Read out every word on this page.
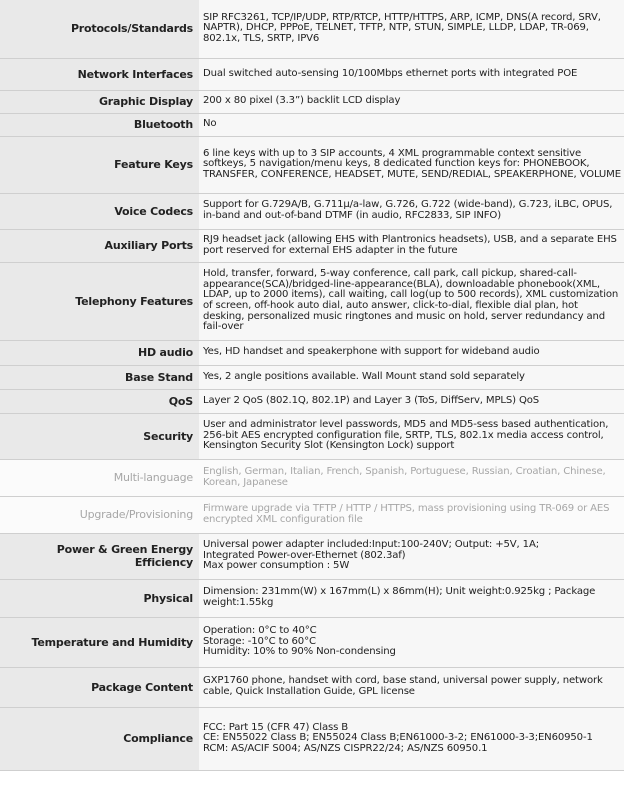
Protocols/Standards	SIP RFC3261, TCP/IP/UDP, RTP/RTCP, HTTP/HTTPS, ARP, ICMP, DNS(A record, SRV, NAPTR), DHCP, PPPoE, TELNET, TFTP, NTP, STUN, SIMPLE, LLDP, LDAP, TR-069, 802.1x, TLS, SRTP, IPV6
Network Interfaces	Dual switched auto-sensing 10/100Mbps ethernet ports with integrated POE
Graphic Display	200 x 80 pixel (3.3”) backlit LCD display
Bluetooth	No
Feature Keys	6 line keys with up to 3 SIP accounts, 4 XML programmable context sensitive softkeys, 5 navigation/menu keys, 8 dedicated function keys for: PHONEBOOK, TRANSFER, CONFERENCE, HEADSET, MUTE, SEND/REDIAL, SPEAKERPHONE, VOLUME
Voice Codecs	Support for G.729A/B, G.711μ/a-law, G.726, G.722 (wide-band), G.723, iLBC, OPUS, in-band and out-of-band DTMF (in audio, RFC2833, SIP INFO)
Auxiliary Ports	RJ9 headset jack (allowing EHS with Plantronics headsets), USB, and a separate EHS port reserved for external EHS adapter in the future
Telephony Features	Hold, transfer, forward, 5-way conference, call park, call pickup, shared-call-appearance(SCA)/bridged-line-appearance(BLA), downloadable phonebook(XML, LDAP, up to 2000 items), call waiting, call log(up to 500 records), XML customization of screen, off-hook auto dial, auto answer, click-to-dial, flexible dial plan, hot desking, personalized music ringtones and music on hold, server redundancy and fail-over
HD audio	Yes, HD handset and speakerphone with support for wideband audio
Base Stand	Yes, 2 angle positions available. Wall Mount stand sold separately
QoS	Layer 2 QoS (802.1Q, 802.1P) and Layer 3 (ToS, DiffServ, MPLS) QoS
Security	User and administrator level passwords, MD5 and MD5-sess based authentication, 256-bit AES encrypted configuration file, SRTP, TLS, 802.1x media access control, Kensington Security Slot (Kensington Lock) support
Multi-language	English, German, Italian, French, Spanish, Portuguese, Russian, Croatian, Chinese, Korean, Japanese
Upgrade/Provisioning	Firmware upgrade via TFTP / HTTP / HTTPS, mass provisioning using TR-069 or AES encrypted XML configuration file
Power & Green Energy Efficiency	Universal power adapter included:Input:100-240V; Output: +5V, 1A;
Integrated Power-over-Ethernet (802.3af)
Max power consumption : 5W
Physical	Dimension: 231mm(W) x 167mm(L) x 86mm(H); Unit weight:0.925kg ; Package weight:1.55kg
Temperature and Humidity	Operation: 0°C to 40°C
Storage: -10°C to 60°C
Humidity: 10% to 90% Non-condensing
Package Content	GXP1760 phone, handset with cord, base stand, universal power supply, network cable, Quick Installation Guide, GPL license
Compliance	FCC: Part 15 (CFR 47) Class B
CE: EN55022 Class B; EN55024 Class B;EN61000-3-2; EN61000-3-3;EN60950-1
RCM: AS/ACIF S004; AS/NZS CISPR22/24; AS/NZS 60950.1
